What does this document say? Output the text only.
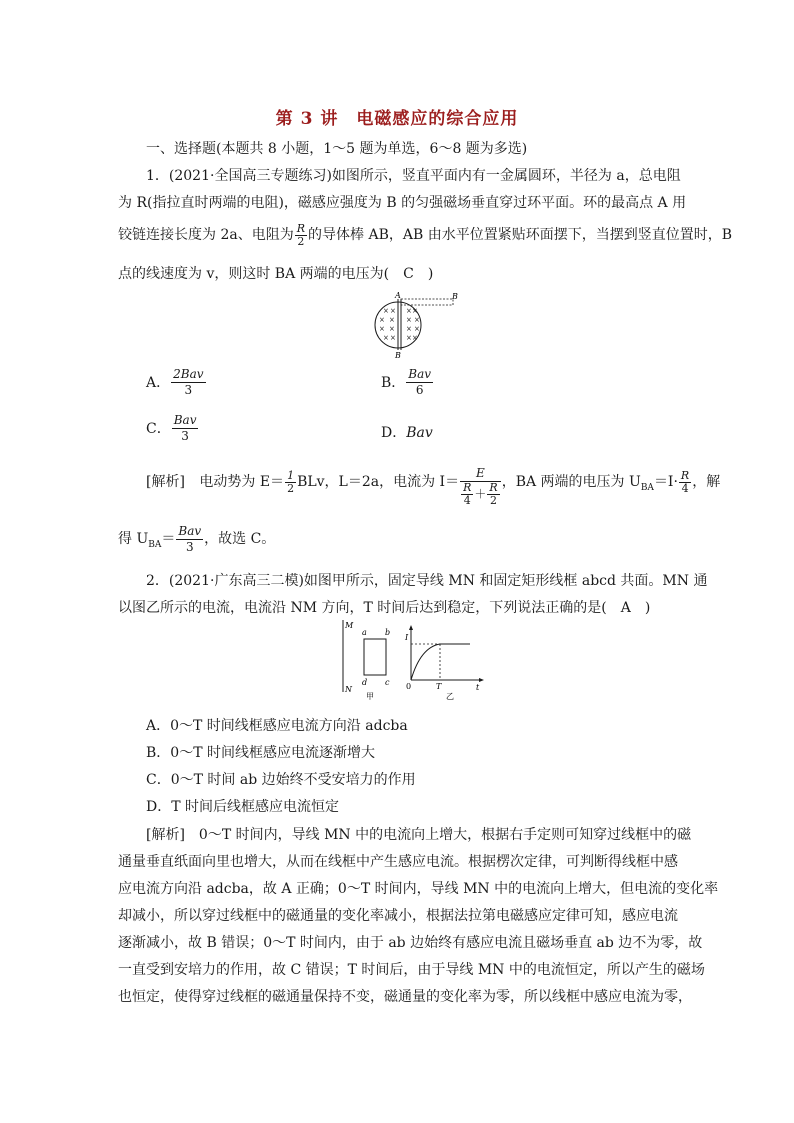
第 3 讲 电磁感应的综合应用
一、选择题(本题共 8 小题，1～5 题为单选，6～8 题为多选)
1．(2021·全国高三专题练习)如图所示，竖直平面内有一金属圆环，半径为 a，总电阻
为 R(指拉直时两端的电阻)，磁感应强度为 B 的匀强磁场垂直穿过环平面。环的最高点 A 用
铰链连接长度为 2a、电阻为 $\frac{R}{2}$ 的导体棒 AB，AB 由水平位置紧贴环面摆下，当摆到竖直位置时，B
点的线速度为 v，则这时 BA 两端的电压为(　C　)
A	B
B
× × × ×
× × × ×
× × × ×
× × × ×
A． $\frac{\text{2Bav}}{3}$	B． $\frac{\text{Bav}}{6}$
C． $\frac{\text{Bav}}{3}$	D．Bav
[解析] 电动势为 $E= \frac{1}{2}$ BLv，L＝2a，电流为 $I= \frac{E}{\frac{R}{4} + \frac{R}{2}}$ ，BA 两端的电压为 $U_{BA}=I\cdot \frac{R}{4}$ ，解
得 $U_{BA}= \frac{\text{Bav}}{3}$ ，故选 C。
2．(2021·广东高三二模)如图甲所示，固定导线 MN 和固定矩形线框 abcd 共面。MN 通
以图乙所示的电流，电流沿 NM 方向，T 时间后达到稳定，下列说法正确的是(　A　)
M
N
a b
d c
甲
I
t
0	T
乙
A．0～T 时间线框感应电流方向沿 adcba
B．0～T 时间线框感应电流逐渐增大
C．0～T 时间 ab 边始终不受安培力的作用
D．T 时间后线框感应电流恒定
[解析]　0～T 时间内，导线 MN 中的电流向上增大，根据右手定则可知穿过线框中的磁
通量垂直纸面向里也增大，从而在线框中产生感应电流。根据楞次定律，可判断得线框中感
应电流方向沿 adcba，故 A 正确；0～T 时间内，导线 MN 中的电流向上增大，但电流的变化率
却减小，所以穿过线框中的磁通量的变化率减小，根据法拉第电磁感应定律可知，感应电流
逐渐减小，故 B 错误；0～T 时间内，由于 ab 边始终有感应电流且磁场垂直 ab 边不为零，故
一直受到安培力的作用，故 C 错误；T 时间后，由于导线 MN 中的电流恒定，所以产生的磁场
也恒定，使得穿过线框的磁通量保持不变，磁通量的变化率为零，所以线框中感应电流为零，
